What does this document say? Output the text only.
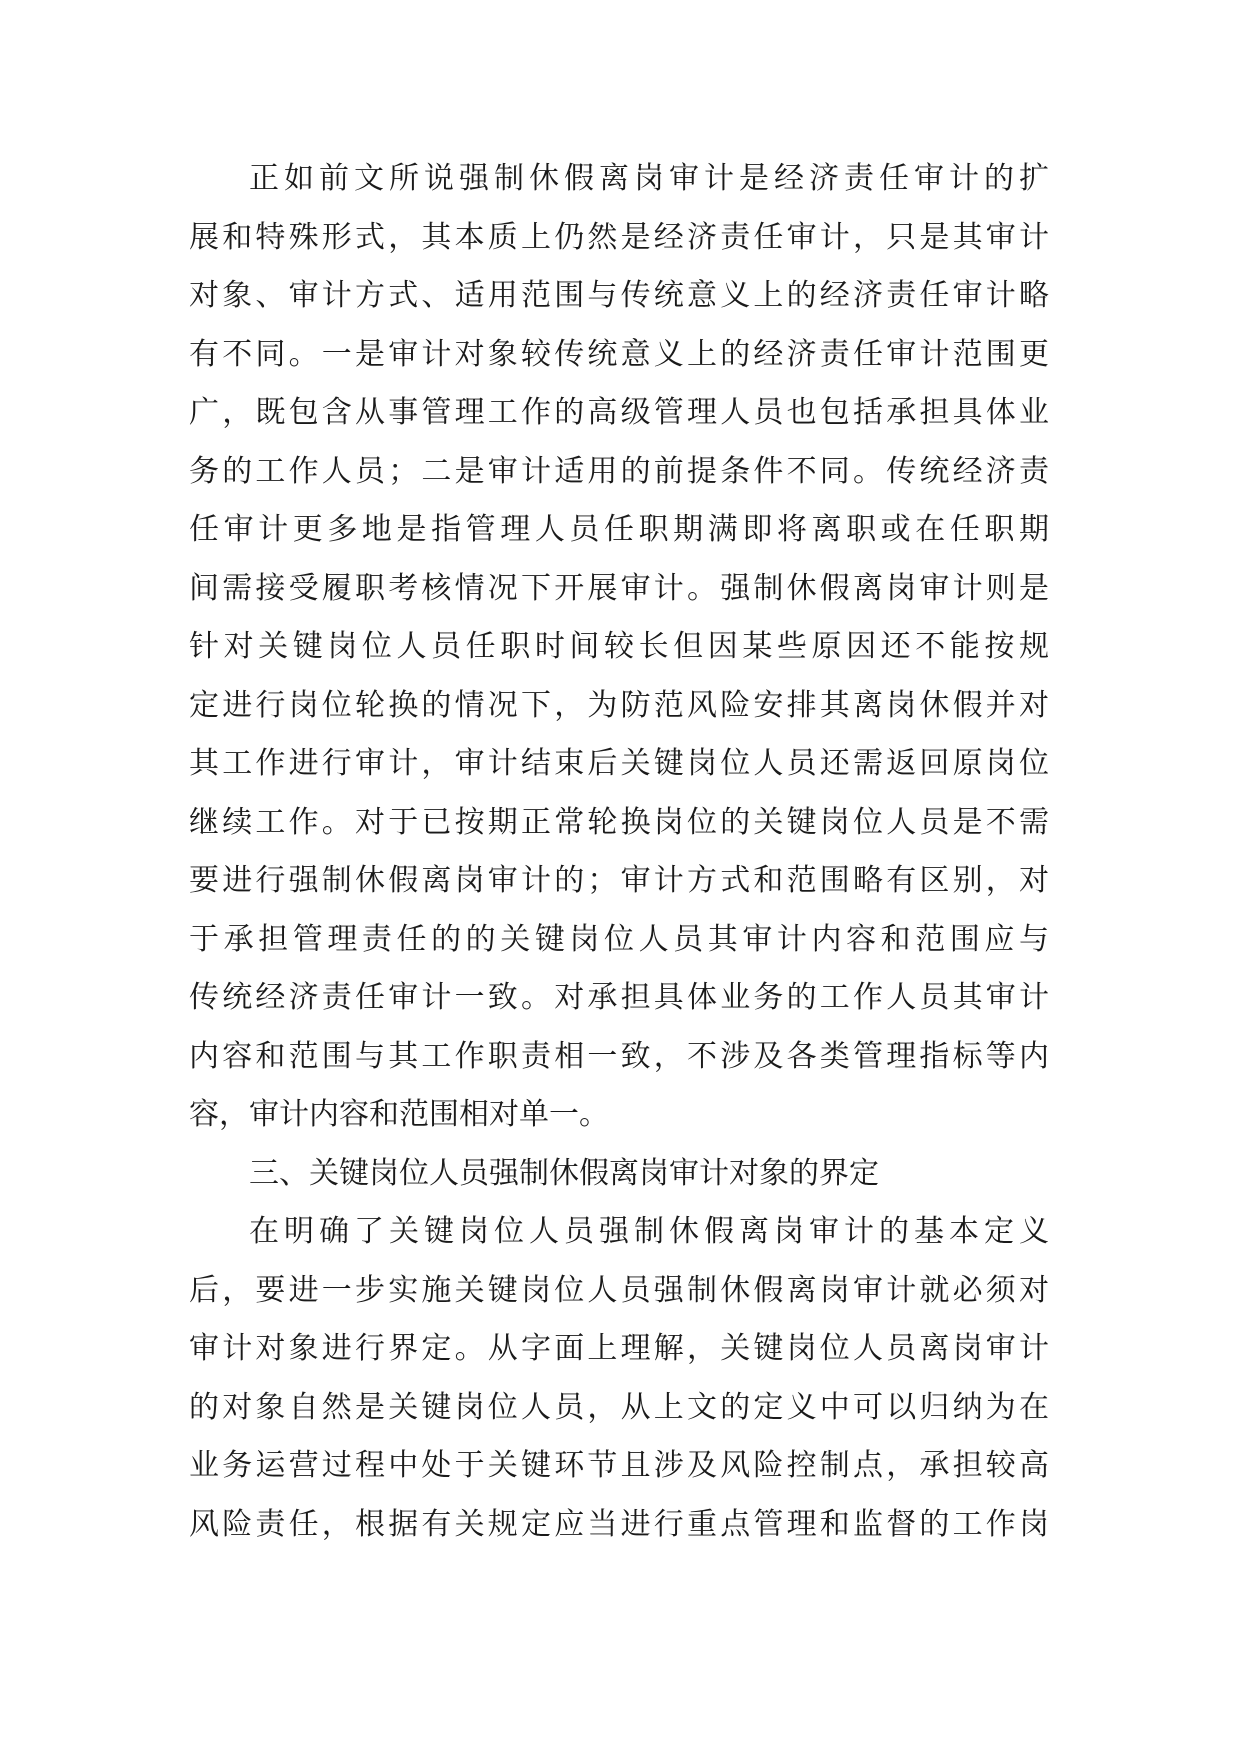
正如前文所说强制休假离岗审计是经济责任审计的扩
展和特殊形式，其本质上仍然是经济责任审计，只是其审计
对象、审计方式、适用范围与传统意义上的经济责任审计略
有不同。一是审计对象较传统意义上的经济责任审计范围更
广，既包含从事管理工作的高级管理人员也包括承担具体业
务的工作人员；二是审计适用的前提条件不同。传统经济责
任审计更多地是指管理人员任职期满即将离职或在任职期
间需接受履职考核情况下开展审计。强制休假离岗审计则是
针对关键岗位人员任职时间较长但因某些原因还不能按规
定进行岗位轮换的情况下，为防范风险安排其离岗休假并对
其工作进行审计，审计结束后关键岗位人员还需返回原岗位
继续工作。对于已按期正常轮换岗位的关键岗位人员是不需
要进行强制休假离岗审计的；审计方式和范围略有区别，对
于承担管理责任的的关键岗位人员其审计内容和范围应与
传统经济责任审计一致。对承担具体业务的工作人员其审计
内容和范围与其工作职责相一致，不涉及各类管理指标等内
容，审计内容和范围相对单一。
三、关键岗位人员强制休假离岗审计对象的界定
在明确了关键岗位人员强制休假离岗审计的基本定义
后，要进一步实施关键岗位人员强制休假离岗审计就必须对
审计对象进行界定。从字面上理解，关键岗位人员离岗审计
的对象自然是关键岗位人员，从上文的定义中可以归纳为在
业务运营过程中处于关键环节且涉及风险控制点，承担较高
风险责任，根据有关规定应当进行重点管理和监督的工作岗
